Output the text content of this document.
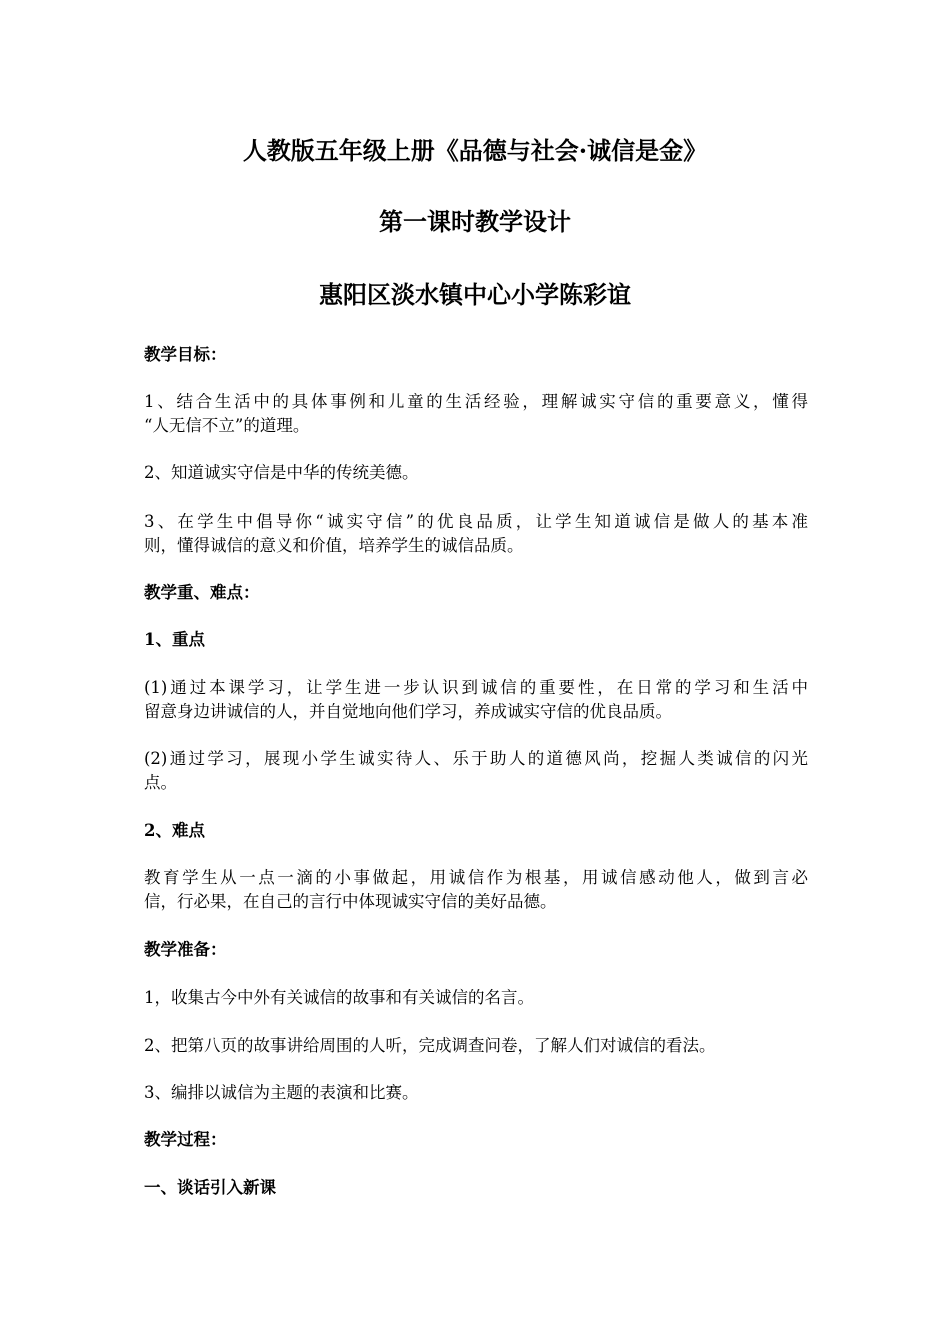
人教版五年级上册《品德与社会·诚信是金》
第一课时教学设计
惠阳区淡水镇中心小学陈彩谊
教学目标：
1、结合生活中的具体事例和儿童的生活经验，理解诚实守信的重要意义，懂得
“人无信不立”的道理。
2、知道诚实守信是中华的传统美德。
3、在学生中倡导你“诚实守信”的优良品质，让学生知道诚信是做人的基本准
则，懂得诚信的意义和价值，培养学生的诚信品质。
教学重、难点：
1、重点
(1)通过本课学习，让学生进一步认识到诚信的重要性，在日常的学习和生活中
留意身边讲诚信的人，并自觉地向他们学习，养成诚实守信的优良品质。
(2)通过学习，展现小学生诚实待人、乐于助人的道德风尚，挖掘人类诚信的闪光
点。
2、难点
教育学生从一点一滴的小事做起，用诚信作为根基，用诚信感动他人，做到言必
信，行必果，在自己的言行中体现诚实守信的美好品德。
教学准备：
1，收集古今中外有关诚信的故事和有关诚信的名言。
2、把第八页的故事讲给周围的人听，完成调查问卷，了解人们对诚信的看法。
3、编排以诚信为主题的表演和比赛。
教学过程：
一、谈话引入新课
